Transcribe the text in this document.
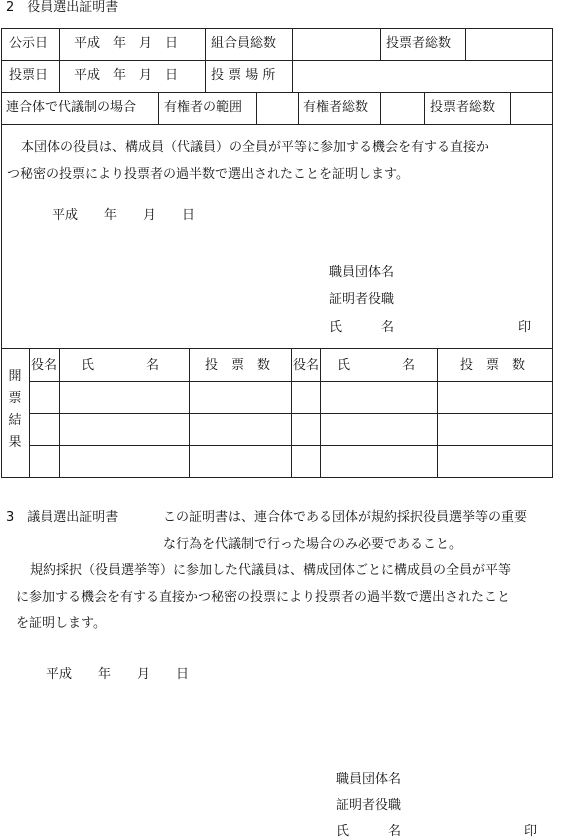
2　役員選出証明書
公示日 平成　年　月　日	組合員総数	投票者総数
投票日 平成　年　月　日	投 票 場 所
連合体で代議制の場合 有権者の範囲	有権者総数	投票者総数
本団体の役員は、構成員（代議員）の全員が平等に参加する機会を有する直接か
つ秘密の投票により投票者の過半数で選出されたことを証明します。
平成　　年　　月　　日
職員団体名
証明者役職
氏　　　名	印
開票結果
役名 氏　　　　名	投　票　数 役名 氏　　　　名	投　票　数
3　議員選出証明書	この証明書は、連合体である団体が規約採択役員選挙等の重要
な行為を代議制で行った場合のみ必要であること。
規約採択（役員選挙等）に参加した代議員は、構成団体ごとに構成員の全員が平等
に参加する機会を有する直接かつ秘密の投票により投票者の過半数で選出されたこと
を証明します。
平成　　年　　月　　日
職員団体名
証明者役職
氏　　　名	印
